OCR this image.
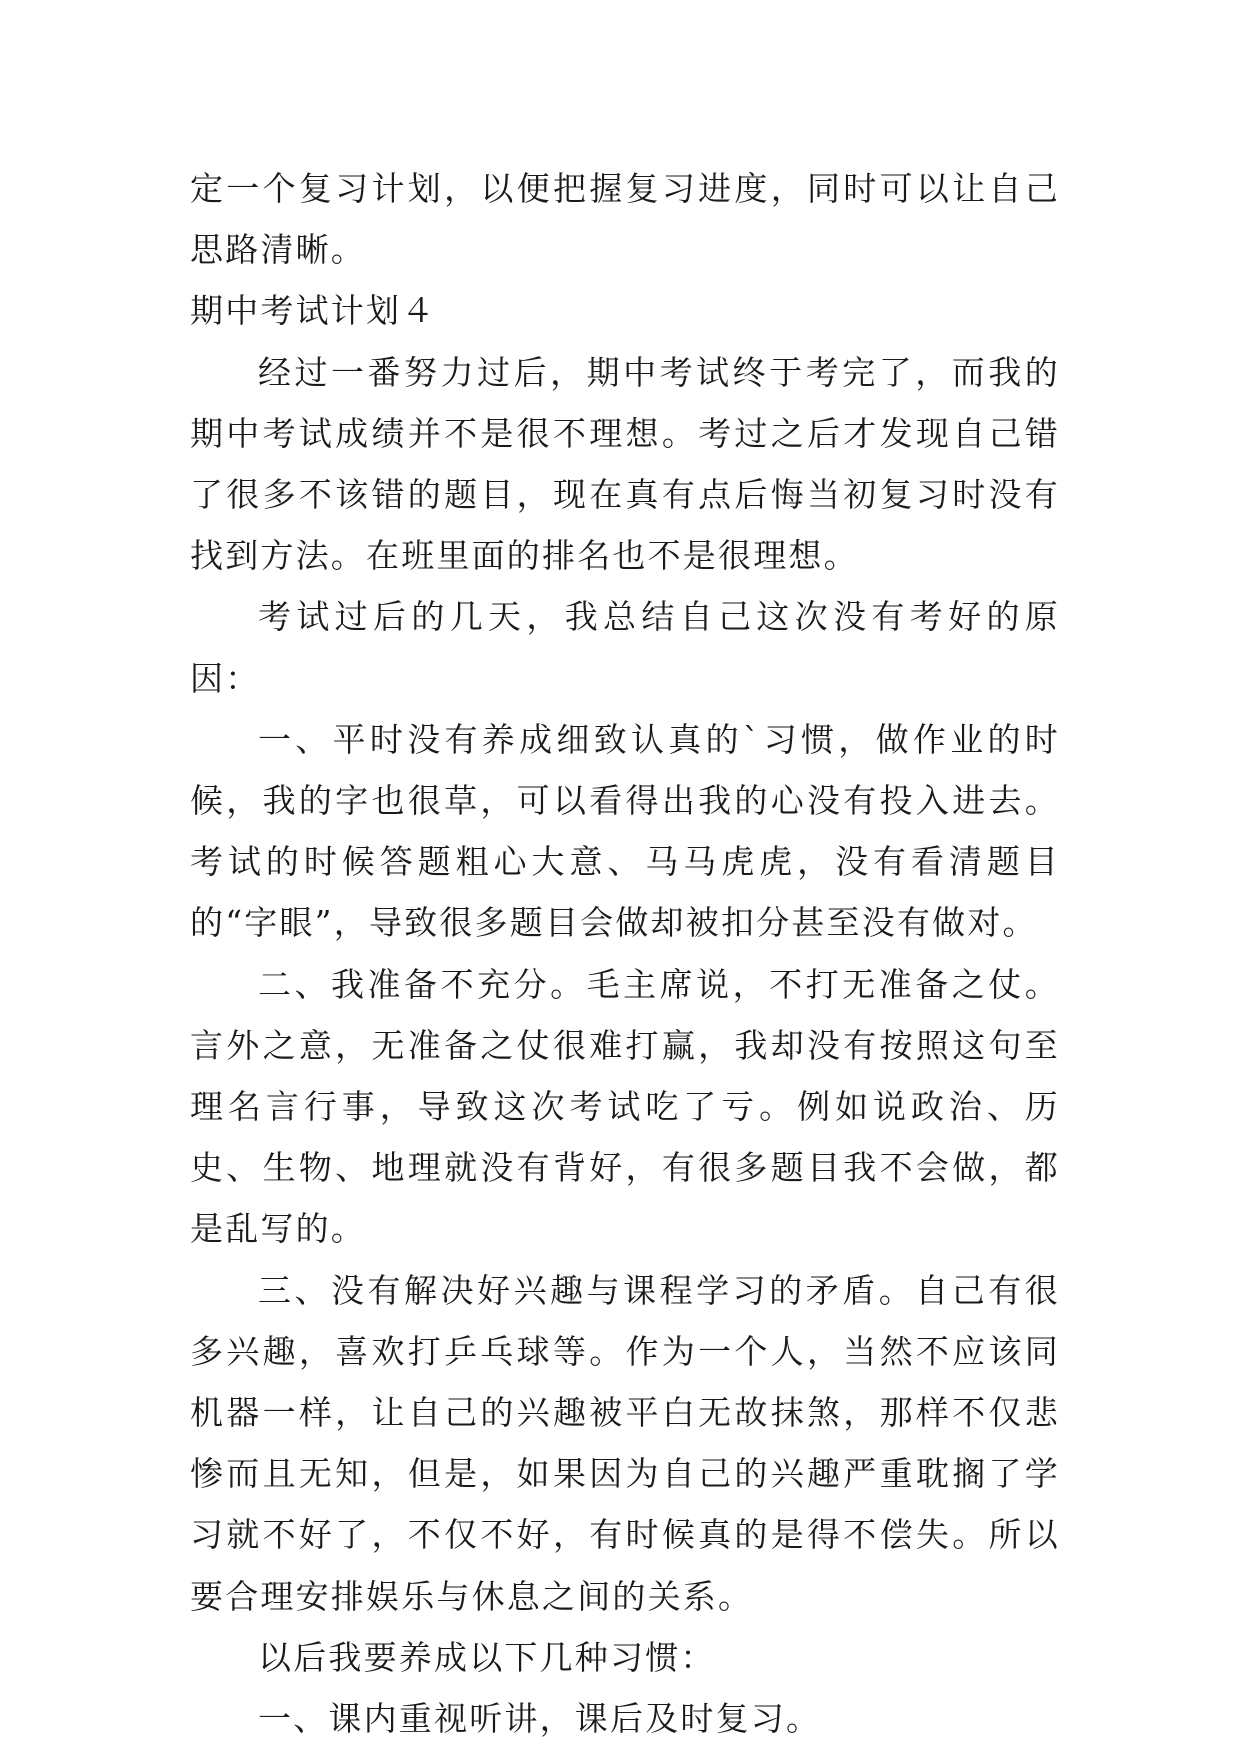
定一个复习计划，以便把握复习进度，同时可以让自己思路清晰。

期中考试计划４

经过一番努力过后，期中考试终于考完了，而我的期中考试成绩并不是很不理想。考过之后才发现自己错了很多不该错的题目，现在真有点后悔当初复习时没有找到方法。在班里面的排名也不是很理想。

考试过后的几天，我总结自己这次没有考好的原因：

一、平时没有养成细致认真的`习惯，做作业的时候，我的字也很草，可以看得出我的心没有投入进去。考试的时候答题粗心大意、马马虎虎，没有看清题目的“字眼”，导致很多题目会做却被扣分甚至没有做对。

二、我准备不充分。毛主席说，不打无准备之仗。言外之意，无准备之仗很难打赢，我却没有按照这句至理名言行事，导致这次考试吃了亏。例如说政治、历史、生物、地理就没有背好，有很多题目我不会做，都是乱写的。

三、没有解决好兴趣与课程学习的矛盾。自己有很多兴趣，喜欢打乒乓球等。作为一个人，当然不应该同机器一样，让自己的兴趣被平白无故抹煞，那样不仅悲惨而且无知，但是，如果因为自己的兴趣严重耽搁了学习就不好了，不仅不好，有时候真的是得不偿失。所以要合理安排娱乐与休息之间的关系。

以后我要养成以下几种习惯：

一、课内重视听讲，课后及时复习。
